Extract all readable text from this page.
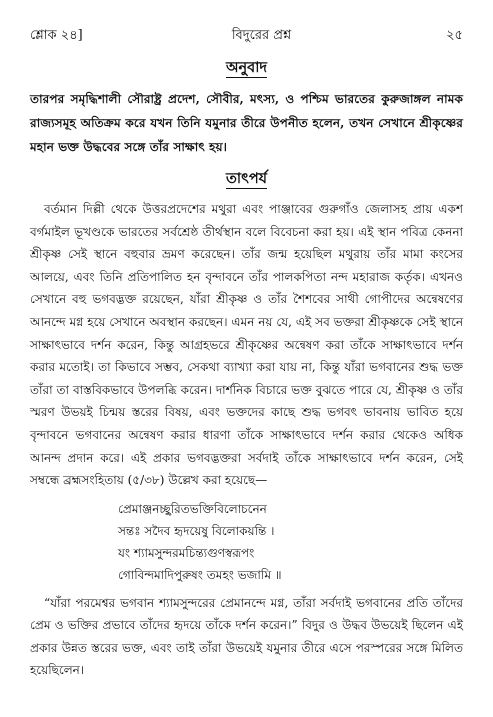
শ্লোক ২৪]	বিদুরের প্রশ্ন	২৫
অনুবাদ
তারপর সমৃদ্ধিশালী সৌরাষ্ট্র প্রদেশ, সৌবীর, মৎস্য, ও পশ্চিম ভারতের কুরুজাঙ্গল নামক রাজ্যসমূহ অতিক্রম করে যখন তিনি যমুনার তীরে উপনীত হলেন, তখন সেখানে শ্রীকৃষ্ণের মহান ভক্ত উদ্ধবের সঙ্গে তাঁর সাক্ষাৎ হয়।
তাৎপর্য
বর্তমান দিল্লী থেকে উত্তরপ্রদেশের মথুরা এবং পাঞ্জাবের গুরুগাঁও জেলাসহ প্রায় একশ বর্গমাইল ভূখণ্ডকে ভারতের সর্বশ্রেষ্ঠ তীর্থস্থান বলে বিবেচনা করা হয়। এই স্থান পবিত্র কেননা শ্রীকৃষ্ণ সেই স্থানে বহুবার ভ্রমণ করেছেন। তাঁর জন্ম হয়েছিল মথুরায় তাঁর মামা কংসের আলয়ে, এবং তিনি প্রতিপালিত হন বৃন্দাবনে তাঁর পালকপিতা নন্দ মহারাজ কর্তৃক। এখনও সেখানে বহু ভগবদ্ভক্ত রয়েছেন, যাঁরা শ্রীকৃষ্ণ ও তাঁর শৈশবের সাথী গোপীদের অন্বেষণের আনন্দে মগ্ন হয়ে সেখানে অবস্থান করছেন। এমন নয় যে, এই সব ভক্তরা শ্রীকৃষ্ণকে সেই স্থানে সাক্ষাৎভাবে দর্শন করেন, কিন্তু আগ্রহভরে শ্রীকৃষ্ণের অন্বেষণ করা তাঁকে সাক্ষাৎভাবে দর্শন করার মতোই। তা কিভাবে সম্ভব, সেকথা ব্যাখ্যা করা যায় না, কিন্তু যাঁরা ভগবানের শুদ্ধ ভক্ত তাঁরা তা বাস্তবিকভাবে উপলব্ধি করেন। দার্শনিক বিচারে ভক্ত বুঝতে পারে যে, শ্রীকৃষ্ণ ও তাঁর স্মরণ উভয়ই চিন্ময় স্তরের বিষয়, এবং ভক্তদের কাছে শুদ্ধ ভগবৎ ভাবনায় ভাবিত হয়ে বৃন্দাবনে ভগবানের অন্বেষণ করার ধারণা তাঁকে সাক্ষাৎভাবে দর্শন করার থেকেও অধিক আনন্দ প্রদান করে। এই প্রকার ভগবদ্ভক্তরা সর্বদাই তাঁকে সাক্ষাৎভাবে দর্শন করেন, সেই সম্বন্ধে ব্রহ্মসংহিতায় (৫/৩৮) উল্লেখ করা হয়েছে—
প্রেমাঞ্জনচ্ছুরিতভক্তিবিলোচনেন
সন্তঃ সদৈব হৃদয়েষু বিলোকয়ন্তি ।
যং শ্যামসুন্দরমচিন্ত্যগুণস্বরূপং
গোবিন্দমাদিপুরুষং তমহং ভজামি ॥
“যাঁরা পরমেশ্বর ভগবান শ্যামসুন্দরের প্রেমানন্দে মগ্ন, তাঁরা সর্বদাই ভগবানের প্রতি তাঁদের প্রেম ও ভক্তির প্রভাবে তাঁদের হৃদয়ে তাঁকে দর্শন করেন।” বিদুর ও উদ্ধব উভয়েই ছিলেন এই প্রকার উন্নত স্তরের ভক্ত, এবং তাই তাঁরা উভয়েই যমুনার তীরে এসে পরস্পরের সঙ্গে মিলিত হয়েছিলেন।
